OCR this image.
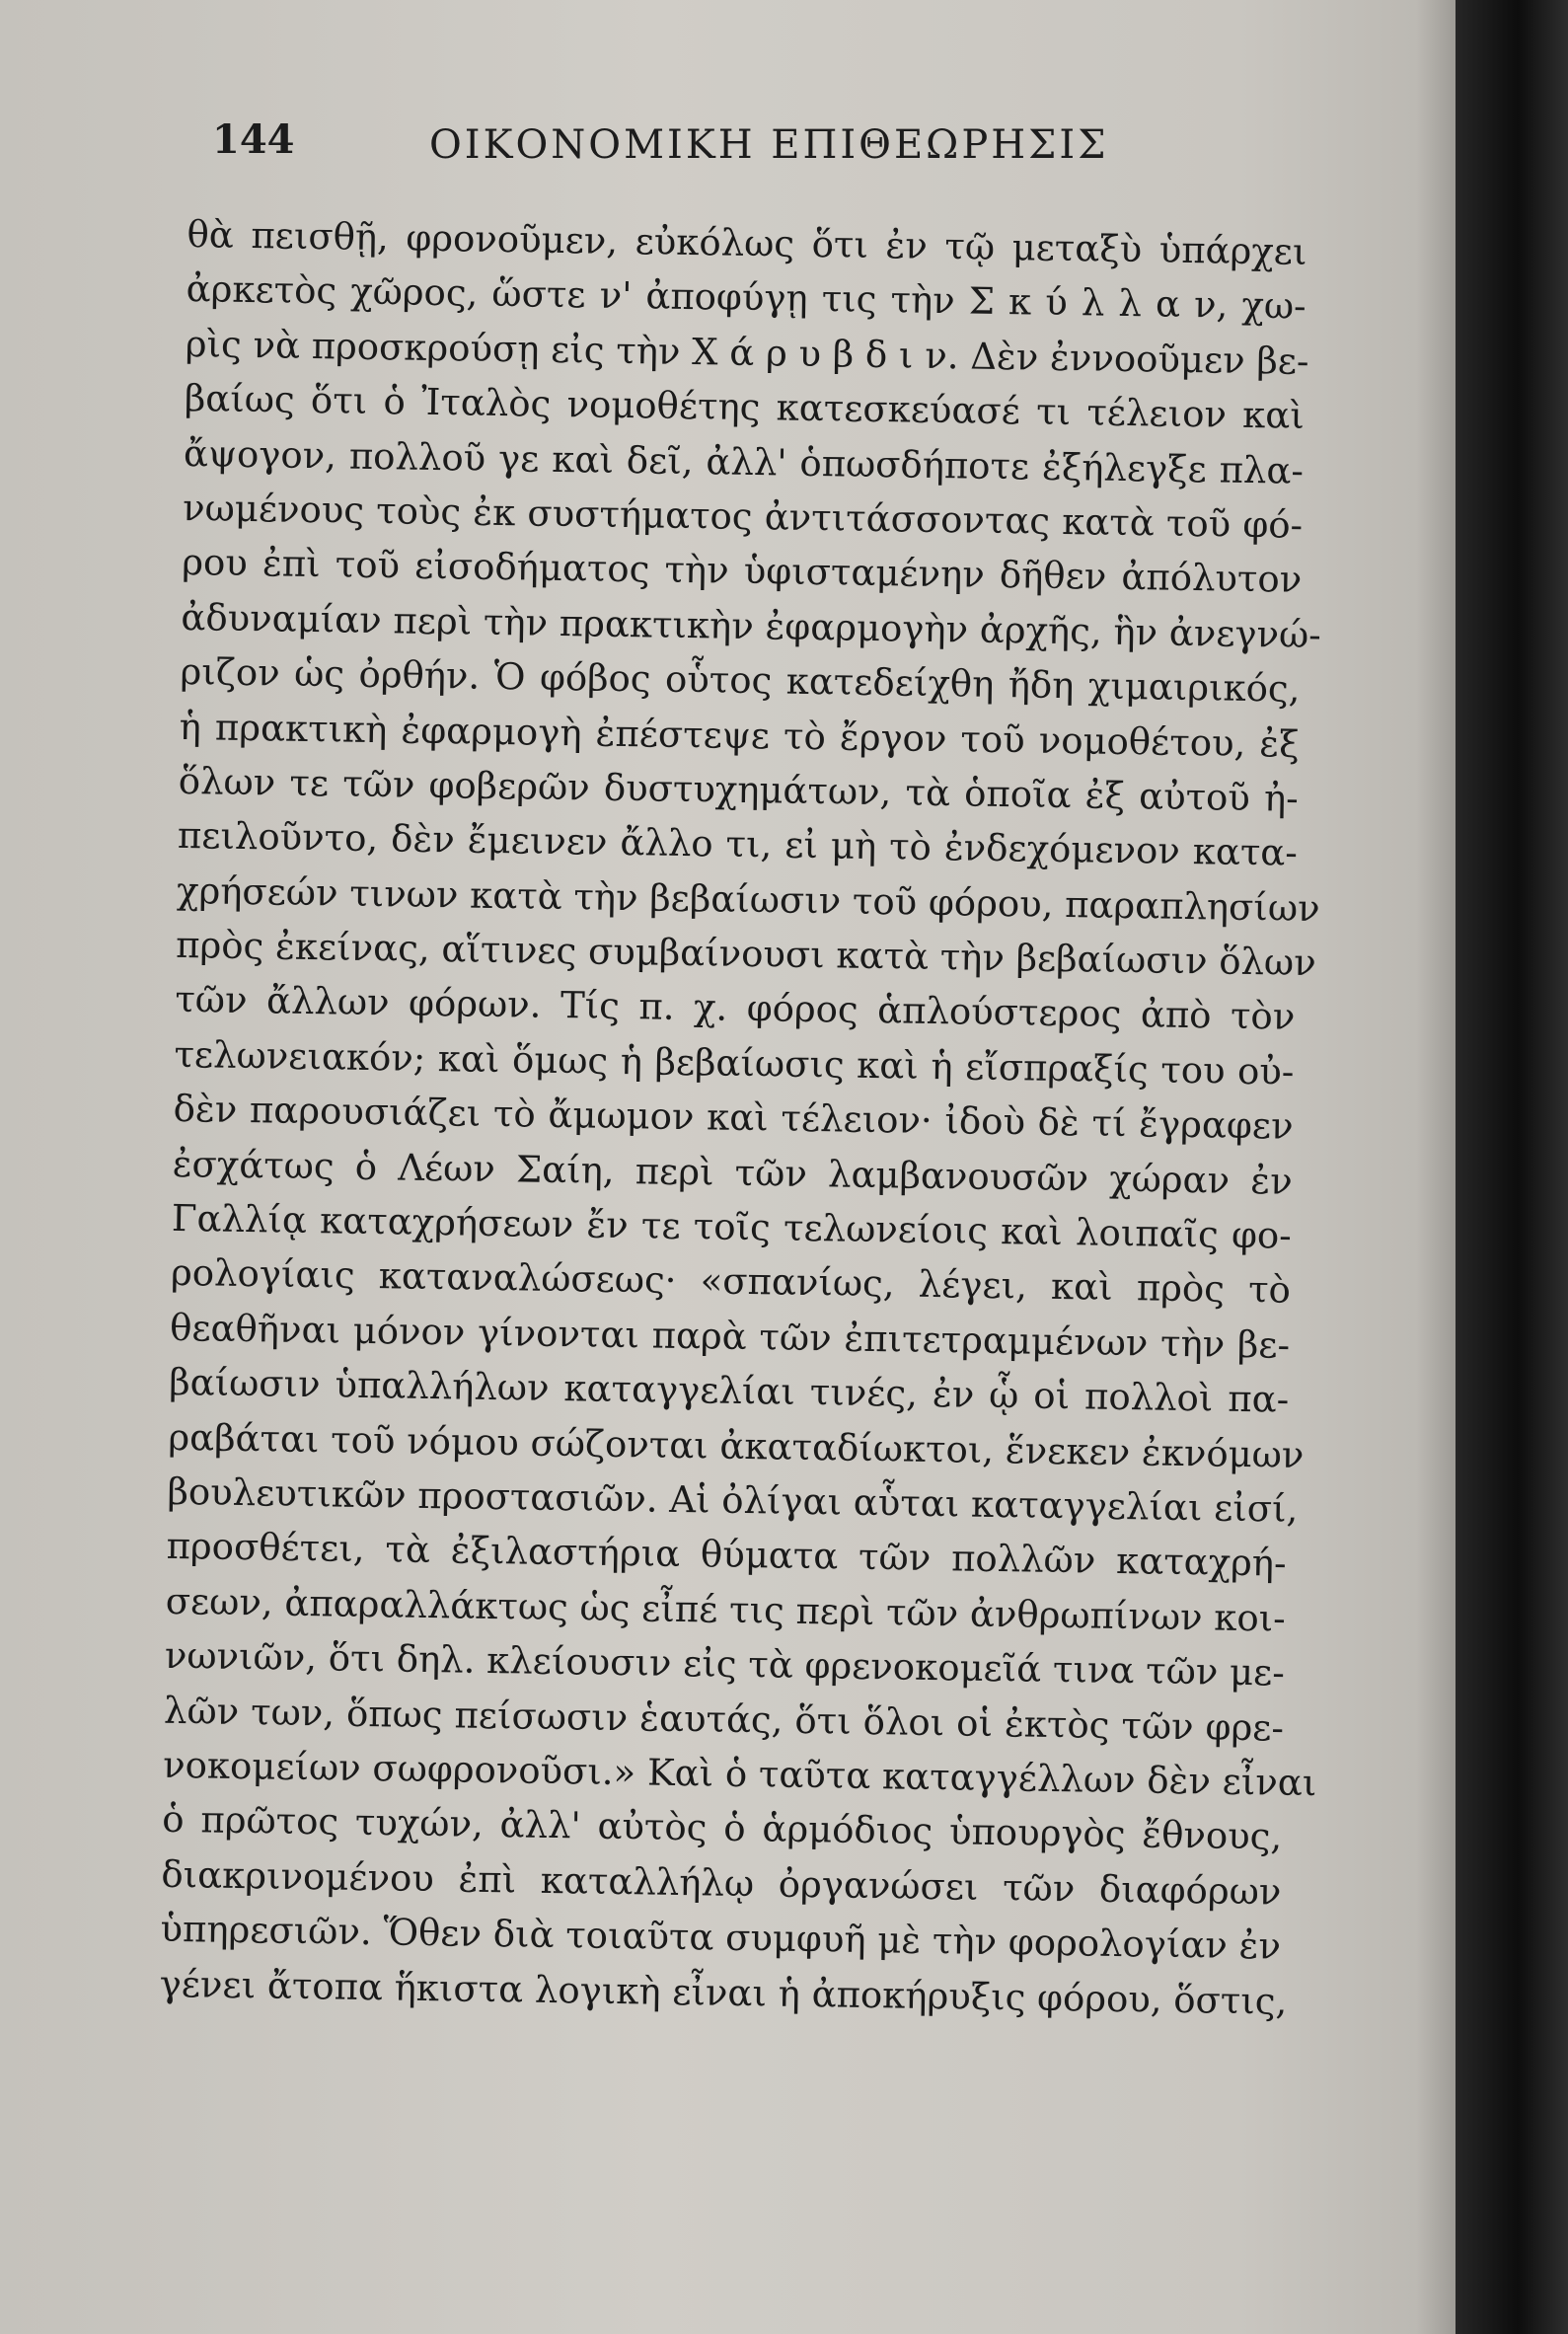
144	ΟΙΚΟΝΟΜΙΚΗ ΕΠΙΘΕΩΡΗΣΙΣ
θὰ πεισθῇ, φρονοῦμεν, εὐκόλως ὅτι ἐν τῷ μεταξὺ ὑπάρχει
ἀρκετὸς χῶρος, ὥστε ν' ἀποφύγῃ τις τὴν Σ κ ύ λ λ α ν, χω-
ρὶς νὰ προσκρούσῃ εἰς τὴν Χ ά ρ υ β δ ι ν. Δὲν ἐννοοῦμεν βε-
βαίως ὅτι ὁ Ἰταλὸς νομοθέτης κατεσκεύασέ τι τέλειον καὶ
ἄψογον, πολλοῦ γε καὶ δεῖ, ἀλλ' ὁπωσδήποτε ἐξήλεγξε πλα-
νωμένους τοὺς ἐκ συστήματος ἀντιτάσσοντας κατὰ τοῦ φό-
ρου ἐπὶ τοῦ εἰσοδήματος τὴν ὑφισταμένην δῆθεν ἀπόλυτον
ἀδυναμίαν περὶ τὴν πρακτικὴν ἐφαρμογὴν ἀρχῆς, ἣν ἀνεγνώ-
ριζον ὡς ὀρθήν. Ὁ φόβος οὗτος κατεδείχθη ἤδη χιμαιρικός,
ἡ πρακτικὴ ἐφαρμογὴ ἐπέστεψε τὸ ἔργον τοῦ νομοθέτου, ἐξ
ὅλων τε τῶν φοβερῶν δυστυχημάτων, τὰ ὁποῖα ἐξ αὐτοῦ ἠ-
πειλοῦντο, δὲν ἔμεινεν ἄλλο τι, εἰ μὴ τὸ ἐνδεχόμενον κατα-
χρήσεών τινων κατὰ τὴν βεβαίωσιν τοῦ φόρου, παραπλησίων
πρὸς ἐκείνας, αἵτινες συμβαίνουσι κατὰ τὴν βεβαίωσιν ὅλων
τῶν ἄλλων φόρων. Τίς π. χ. φόρος ἁπλούστερος ἀπὸ τὸν
τελωνειακόν; καὶ ὅμως ἡ βεβαίωσις καὶ ἡ εἴσπραξίς του οὐ-
δὲν παρουσιάζει τὸ ἄμωμον καὶ τέλειον· ἰδοὺ δὲ τί ἔγραφεν
ἐσχάτως ὁ Λέων Σαίη, περὶ τῶν λαμβανουσῶν χώραν ἐν
Γαλλίᾳ καταχρήσεων ἔν τε τοῖς τελωνείοις καὶ λοιπαῖς φο-
ρολογίαις καταναλώσεως· «σπανίως, λέγει, καὶ πρὸς τὸ
θεαθῆναι μόνον γίνονται παρὰ τῶν ἐπιτετραμμένων τὴν βε-
βαίωσιν ὑπαλλήλων καταγγελίαι τινές, ἐν ᾧ οἱ πολλοὶ πα-
ραβάται τοῦ νόμου σώζονται ἀκαταδίωκτοι, ἕνεκεν ἐκνόμων
βουλευτικῶν προστασιῶν. Αἱ ὀλίγαι αὗται καταγγελίαι εἰσί,
προσθέτει, τὰ ἐξιλαστήρια θύματα τῶν πολλῶν καταχρή-
σεων, ἀπαραλλάκτως ὡς εἶπέ τις περὶ τῶν ἀνθρωπίνων κοι-
νωνιῶν, ὅτι δηλ. κλείουσιν εἰς τὰ φρενοκομεῖά τινα τῶν με-
λῶν των, ὅπως πείσωσιν ἑαυτάς, ὅτι ὅλοι οἱ ἐκτὸς τῶν φρε-
νοκομείων σωφρονοῦσι.» Καὶ ὁ ταῦτα καταγγέλλων δὲν εἶναι
ὁ πρῶτος τυχών, ἀλλ' αὐτὸς ὁ ἁρμόδιος ὑπουργὸς ἔθνους,
διακρινομένου ἐπὶ καταλλήλῳ ὀργανώσει τῶν διαφόρων
ὑπηρεσιῶν. Ὅθεν διὰ τοιαῦτα συμφυῆ μὲ τὴν φορολογίαν ἐν
γένει ἄτοπα ἥκιστα λογικὴ εἶναι ἡ ἀποκήρυξις φόρου, ὅστις,
